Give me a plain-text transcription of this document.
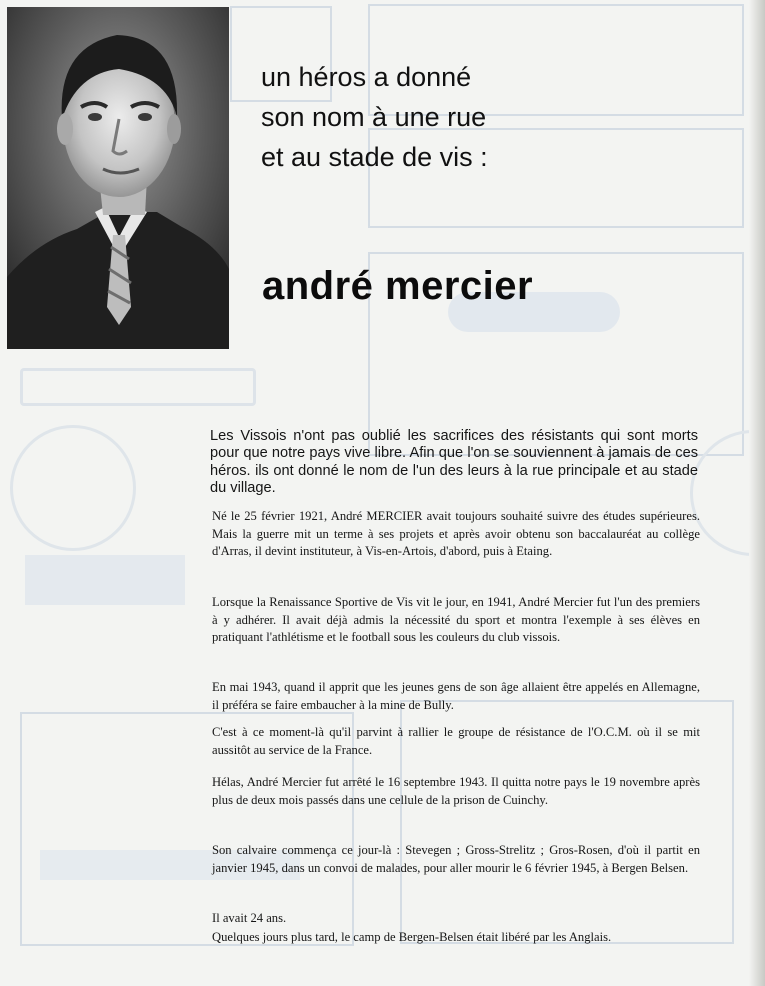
un héros a donné
son nom à une rue
et au stade de vis :
andré mercier

Les Vissois n'ont pas oublié les sacrifices des résistants qui sont morts pour que notre pays vive libre. Afin que l'on se souviennent à jamais de ces héros. ils ont donné le nom de l'un des leurs à la rue principale et au stade du village.

Né le 25 février 1921, André MERCIER avait toujours souhaité suivre des études supérieures. Mais la guerre mit un terme à ses projets et après avoir obtenu son baccalauréat au collège d'Arras, il devint instituteur, à Vis-en-Artois, d'abord, puis à Etaing.

Lorsque la Renaissance Sportive de Vis vit le jour, en 1941, André Mercier fut l'un des premiers à y adhérer. Il avait déjà admis la nécessité du sport et montra l'exemple à ses élèves en pratiquant l'athlétisme et le football sous les couleurs du club vissois.

En mai 1943, quand il apprit que les jeunes gens de son âge allaient être appelés en Allemagne, il préféra se faire embaucher à la mine de Bully.

C'est à ce moment-là qu'il parvint à rallier le groupe de résistance de l'O.C.M. où il se mit aussitôt au service de la France.

Hélas, André Mercier fut arrêté le 16 septembre 1943. Il quitta notre pays le 19 novembre après plus de deux mois passés dans une cellule de la prison de Cuinchy.

Son calvaire commença ce jour-là : Stevegen ; Gross-Strelitz ; Gros-Rosen, d'où il partit en janvier 1945, dans un convoi de malades, pour aller mourir le 6 février 1945, à Bergen Belsen.

Il avait 24 ans.

Quelques jours plus tard, le camp de Bergen-Belsen était libéré par les Anglais.
